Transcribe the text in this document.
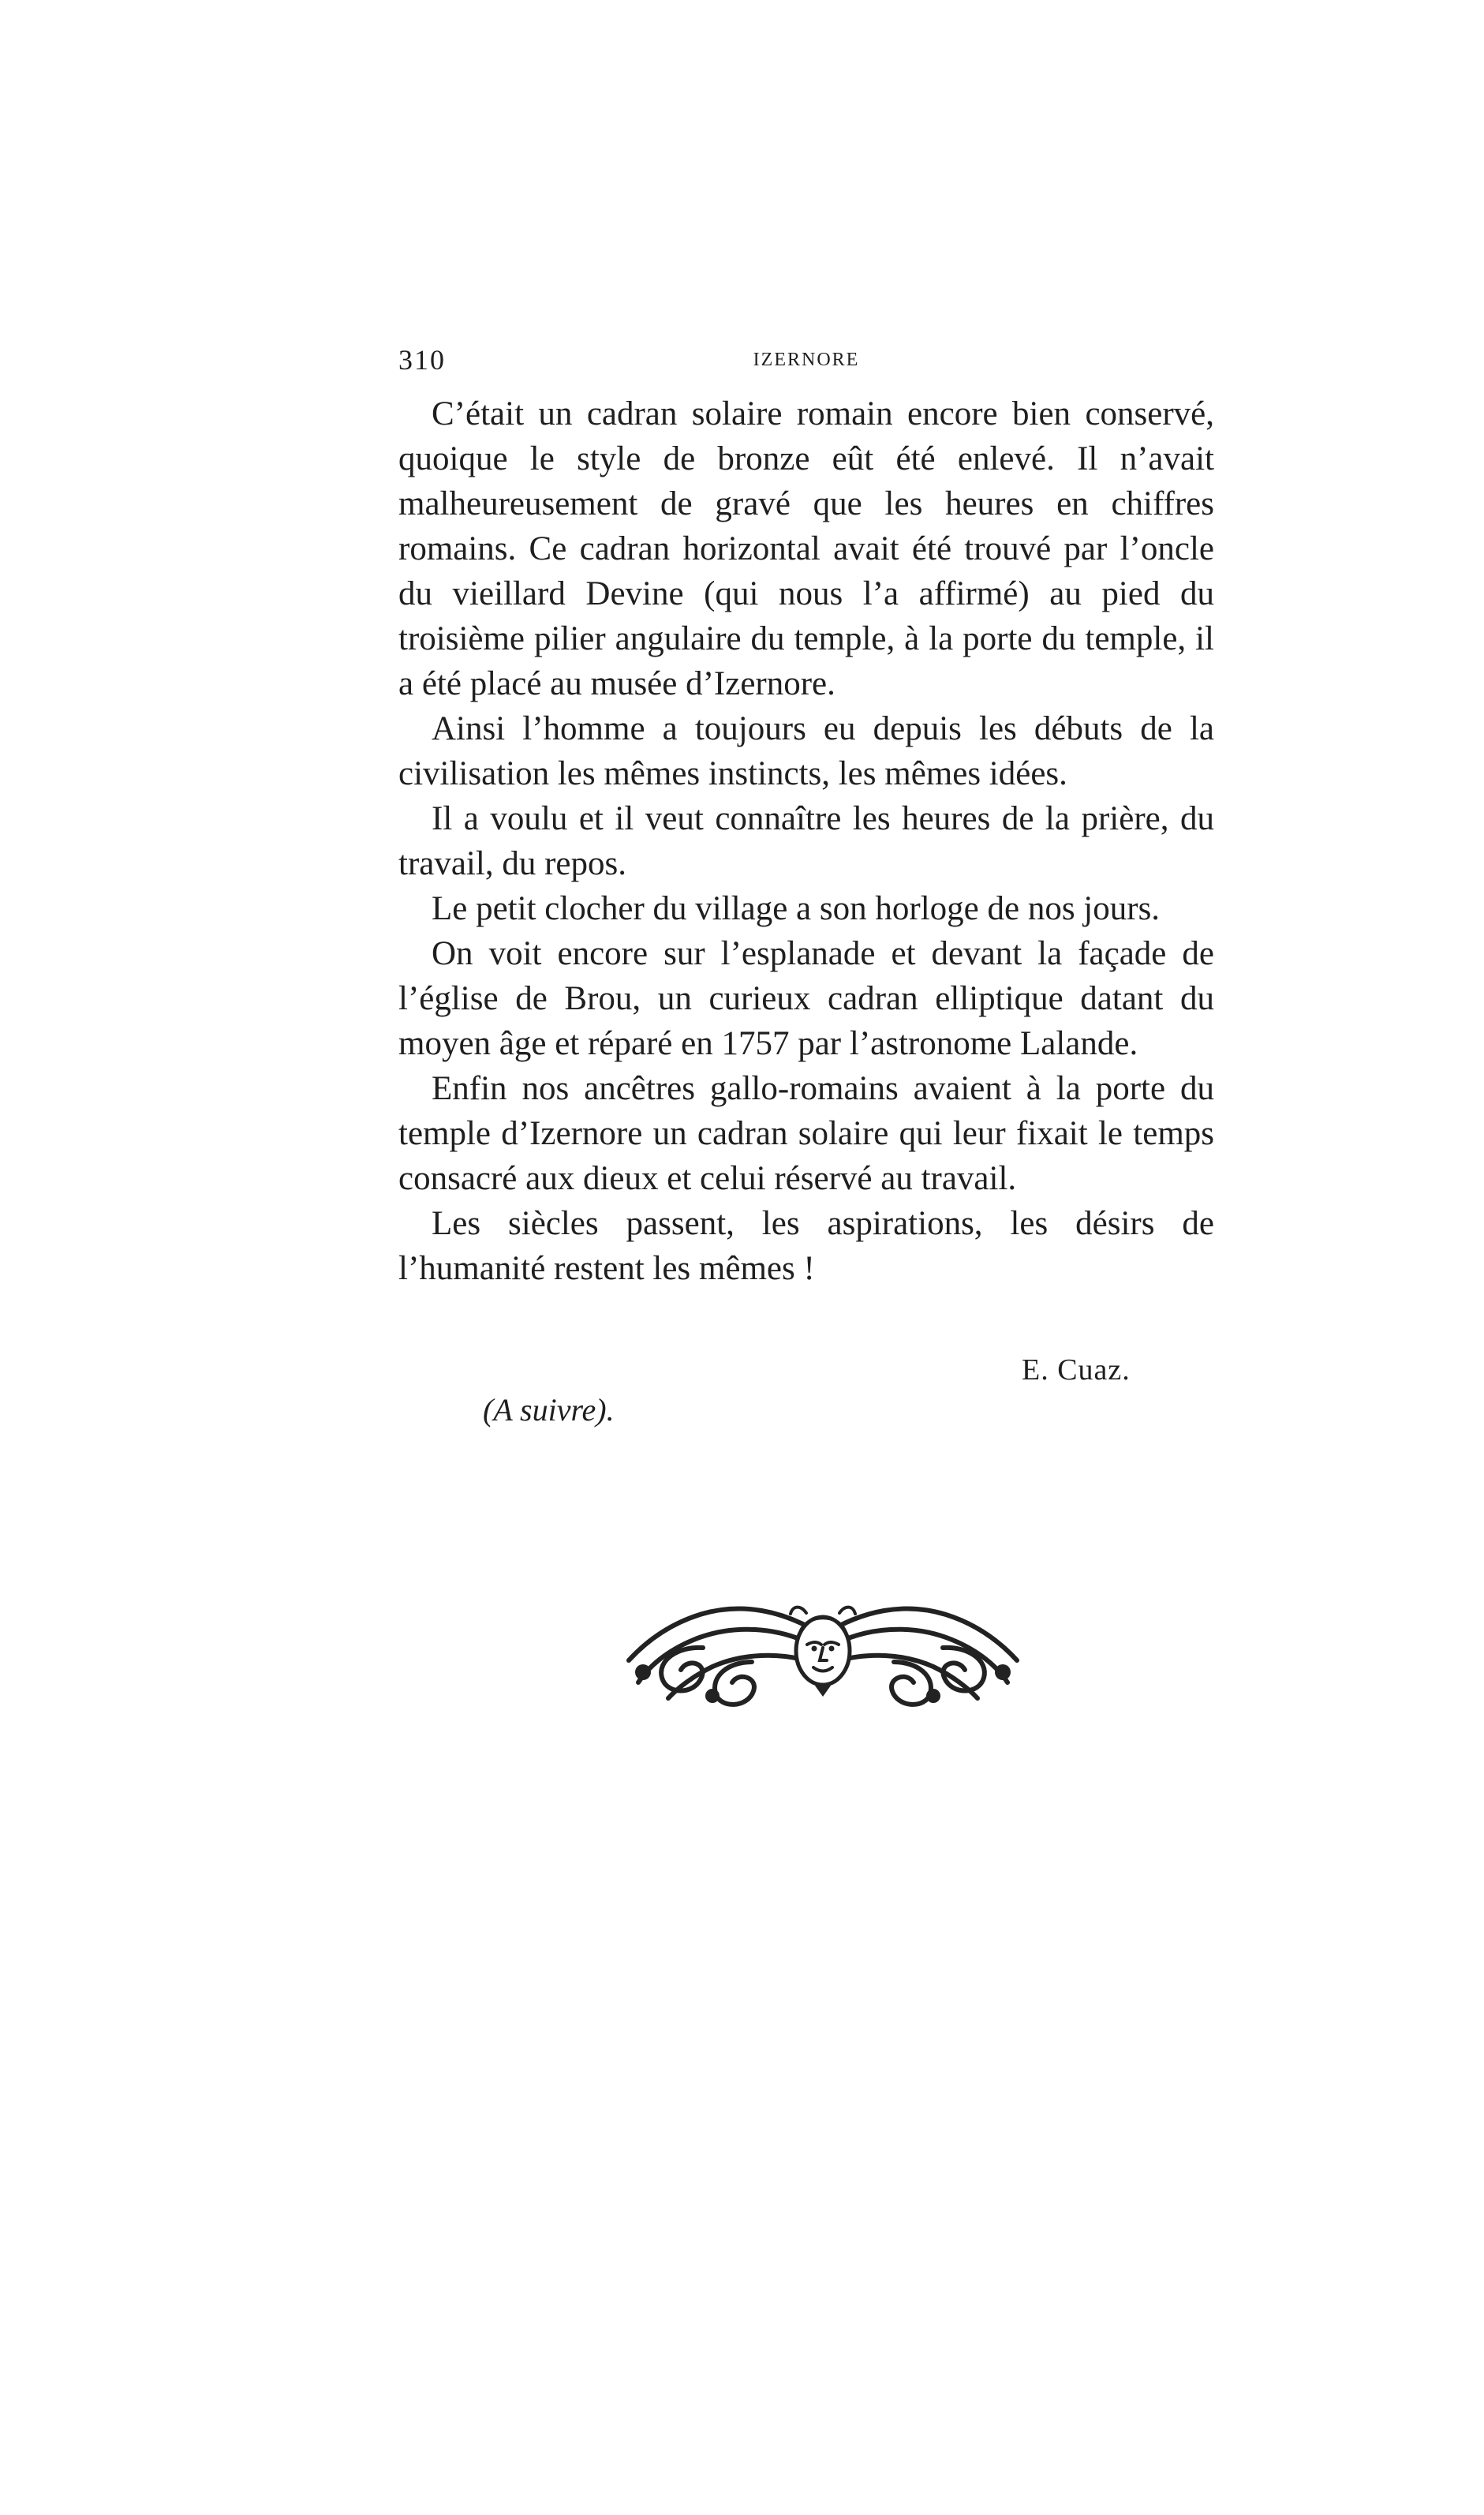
310	IZERNORE

C’était un cadran solaire romain encore bien conservé, quoique le style de bronze eût été enlevé. Il n’avait malheureusement de gravé que les heures en chiffres romains. Ce cadran horizontal avait été trouvé par l’oncle du vieillard Devine (qui nous l’a affirmé) au pied du troisième pilier angulaire du temple, à la porte du temple, il a été placé au musée d’Izernore.

Ainsi l’homme a toujours eu depuis les débuts de la civilisation les mêmes instincts, les mêmes idées.

Il a voulu et il veut connaître les heures de la prière, du travail, du repos.

Le petit clocher du village a son horloge de nos jours.

On voit encore sur l’esplanade et devant la façade de l’église de Brou, un curieux cadran elliptique datant du moyen âge et réparé en 1757 par l’astronome Lalande.

Enfin nos ancêtres gallo-romains avaient à la porte du temple d’Izernore un cadran solaire qui leur fixait le temps consacré aux dieux et celui réservé au travail.

Les siècles passent, les aspirations, les désirs de l’humanité restent les mêmes !

E. Cuaz.
(A suivre).
